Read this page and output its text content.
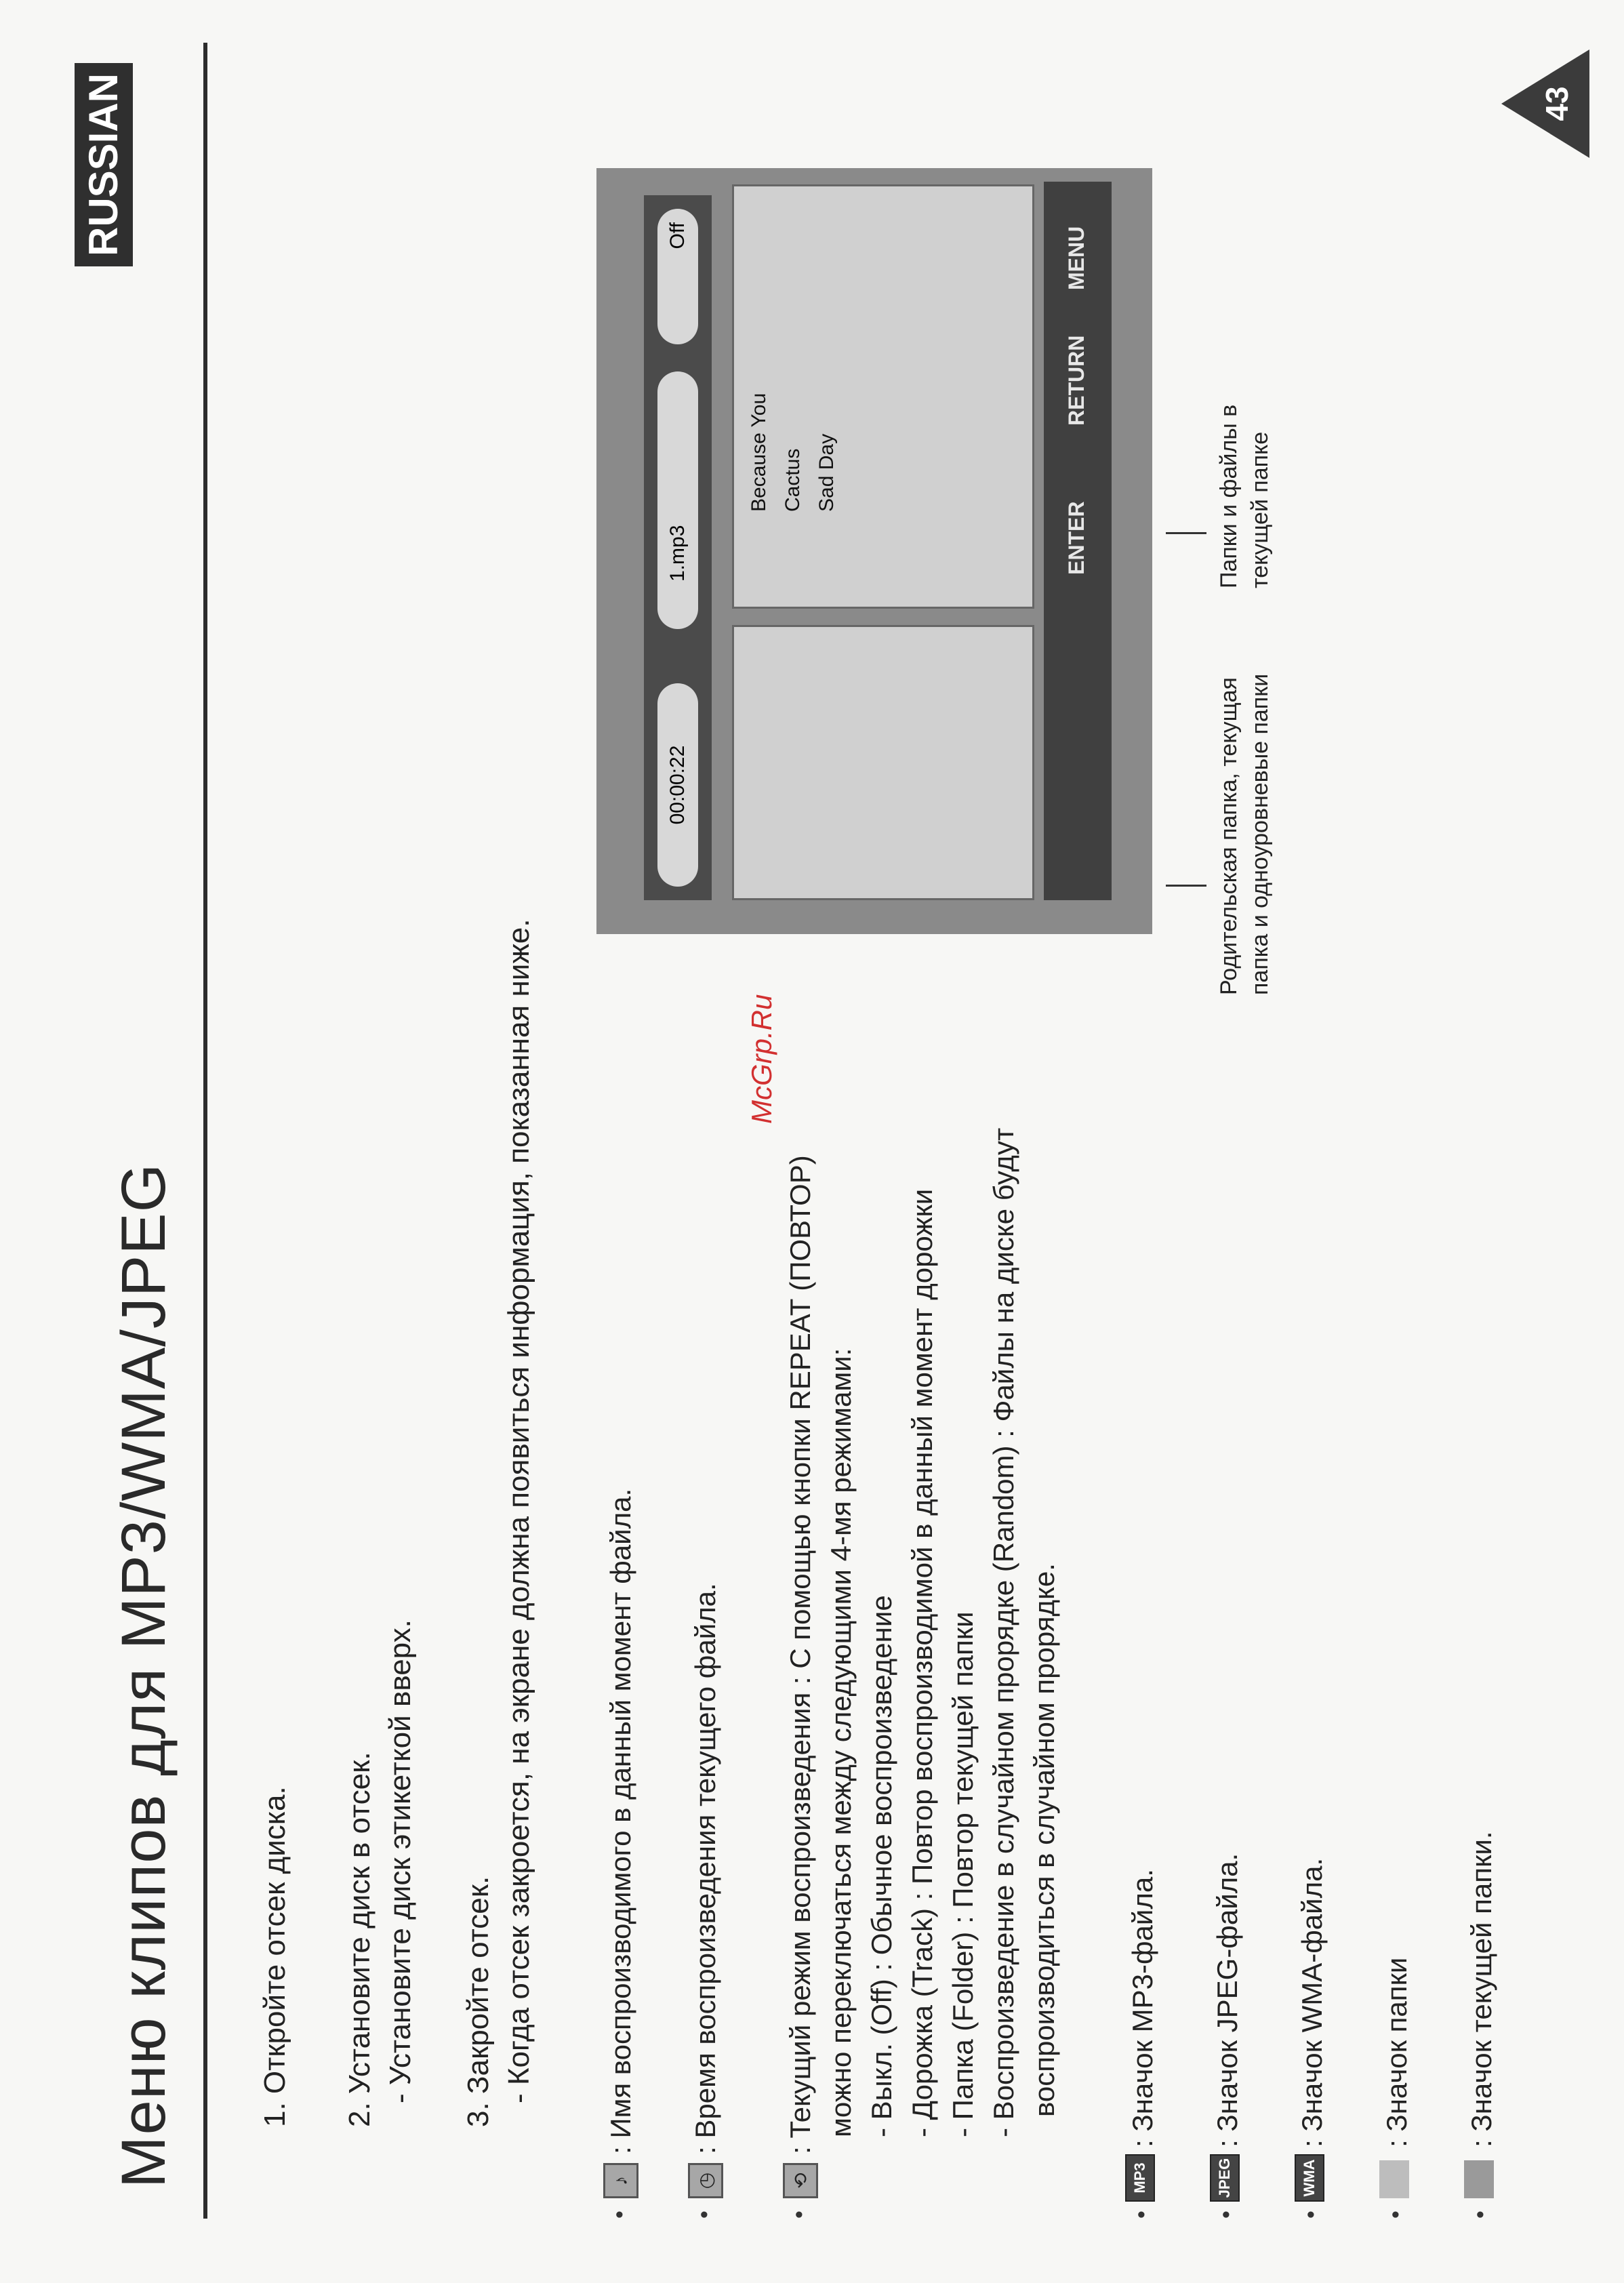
Меню клипов для MP3/WMA/JPEG
RUSSIAN	43
1. Откройте отсек диска. 2. Установите диск в отсек. - Установите диск этикеткой вверх. 3. Закройте отсек. - Когда отсек закроется, на экране должна появиться информация, показанная ниже.
•
♪
: Имя воспроизводимого в данный момент файла.
•
◷
: Время воспроизведения текущего файла.
•
⟲
: Текущий режим воспроизведения : С помощью кнопки REPEAT (ПОВТОР) можно переключаться между следующими 4-мя режимами: - Выкл. (Off) : Обычное воспроизведение - Дорожка (Track) : Повтор воспроизводимой в данный момент дорожки - Папка (Folder) : Повтор текущей папки - Воспроизведение в случайном прорядке (Random) : Файлы на диске будут воспроизводиться в случайном прорядке.
•
MP3
: Значок MP3-файла.
•
JPEG
: Значок JPEG-файла.
•
WMA
: Значок WMA-файла.
•
: Значок папки
•
: Значок текущей папки.
McGrp.Ru
00:00:22
1.mp3
Off
Because You Cactus Sad Day
ENTER
RETURN
MENU
Родительская папка, текущая папка и одноуровневые папки
Папки и файлы в текущей папке
